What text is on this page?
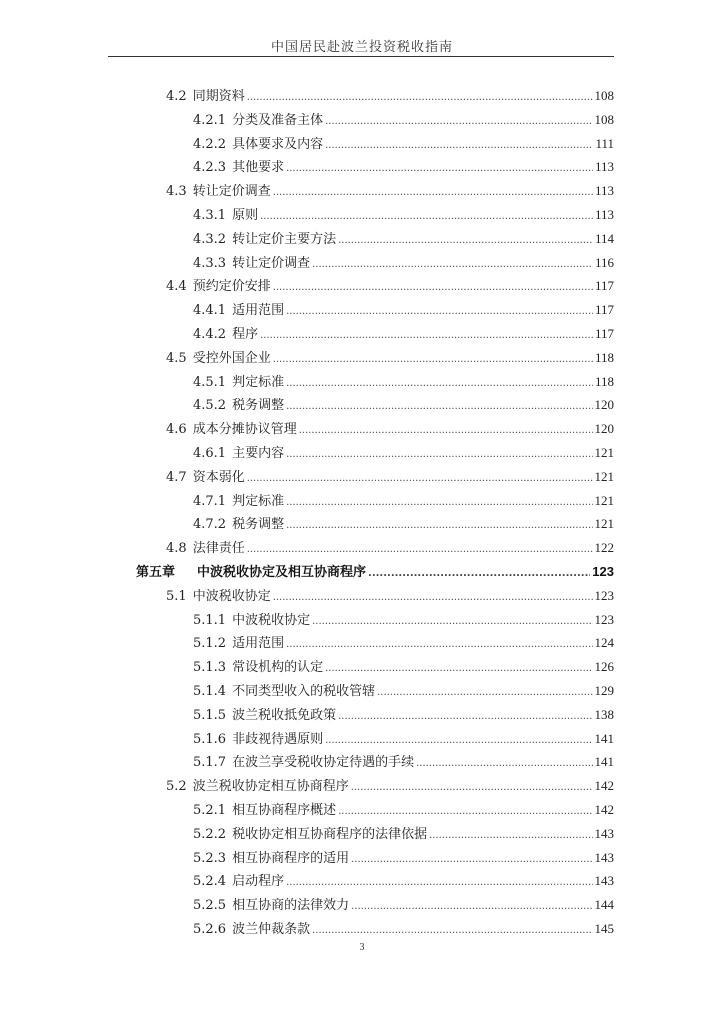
中国居民赴波兰投资税收指南
4.2 同期资料 .....	108
4.2.1 分类及准备主体 .....	108
4.2.2 具体要求及内容 .....	111
4.2.3 其他要求 .....	113
4.3 转让定价调查 .....	113
4.3.1 原则 .....	113
4.3.2 转让定价主要方法 .....	114
4.3.3 转让定价调查 .....	116
4.4 预约定价安排 .....	117
4.4.1 适用范围 .....	117
4.4.2 程序 .....	117
4.5 受控外国企业 .....	118
4.5.1 判定标准 .....	118
4.5.2 税务调整 .....	120
4.6 成本分摊协议管理 .....	120
4.6.1 主要内容 .....	121
4.7 资本弱化 .....	121
4.7.1 判定标准 .....	121
4.7.2 税务调整 .....	121
4.8 法律责任 .....	122
第五章 中波税收协定及相互协商程序 .....	123
5.1 中波税收协定 .....	123
5.1.1 中波税收协定 .....	123
5.1.2 适用范围 .....	124
5.1.3 常设机构的认定 .....	126
5.1.4 不同类型收入的税收管辖 .....	129
5.1.5 波兰税收抵免政策 .....	138
5.1.6 非歧视待遇原则 .....	141
5.1.7 在波兰享受税收协定待遇的手续 .....	141
5.2 波兰税收协定相互协商程序 .....	142
5.2.1 相互协商程序概述 .....	142
5.2.2 税收协定相互协商程序的法律依据 .....	143
5.2.3 相互协商程序的适用 .....	143
5.2.4 启动程序 .....	143
5.2.5 相互协商的法律效力 .....	144
5.2.6 波兰仲裁条款 .....	145
3
